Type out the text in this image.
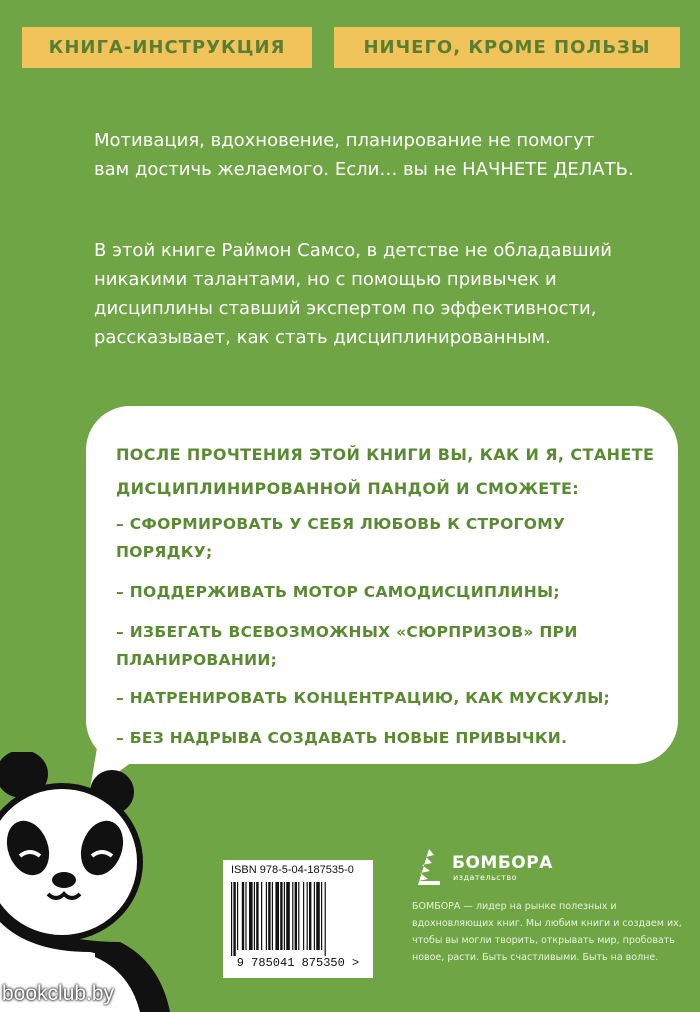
КНИГА-ИНСТРУКЦИЯ	НИЧЕГО, КРОМЕ ПОЛЬЗЫ

Мотивация, вдохновение, планирование не помогут вам достичь желаемого. Если… вы не НАЧНЕТЕ ДЕЛАТЬ.

В этой книге Раймон Самсо, в детстве не обладавший никакими талантами, но с помощью привычек и дисциплины ставший экспертом по эффективности, рассказывает, как стать дисциплинированным.

ПОСЛЕ ПРОЧТЕНИЯ ЭТОЙ КНИГИ ВЫ, КАК И Я, СТАНЕТЕ ДИСЦИПЛИНИРОВАННОЙ ПАНДОЙ И СМОЖЕТЕ:

– СФОРМИРОВАТЬ У СЕБЯ ЛЮБОВЬ К СТРОГОМУ ПОРЯДКУ;
– ПОДДЕРЖИВАТЬ МОТОР САМОДИСЦИПЛИНЫ;
– ИЗБЕГАТЬ ВСЕВОЗМОЖНЫХ «СЮРПРИЗОВ» ПРИ ПЛАНИРОВАНИИ;
– НАТРЕНИРОВАТЬ КОНЦЕНТРАЦИЮ, КАК МУСКУЛЫ;
– БЕЗ НАДРЫВА СОЗДАВАТЬ НОВЫЕ ПРИВЫЧКИ.
ISBN 978-5-04-187535-0
9 785041 875350 >
БОМБОРА
издательство

БОМБОРА — лидер на рынке полезных и вдохновляющих книг. Мы любим книги и создаем их, чтобы вы могли творить, открывать мир, пробовать новое, расти. Быть счастливыми. Быть на волне.

bookclub.by
